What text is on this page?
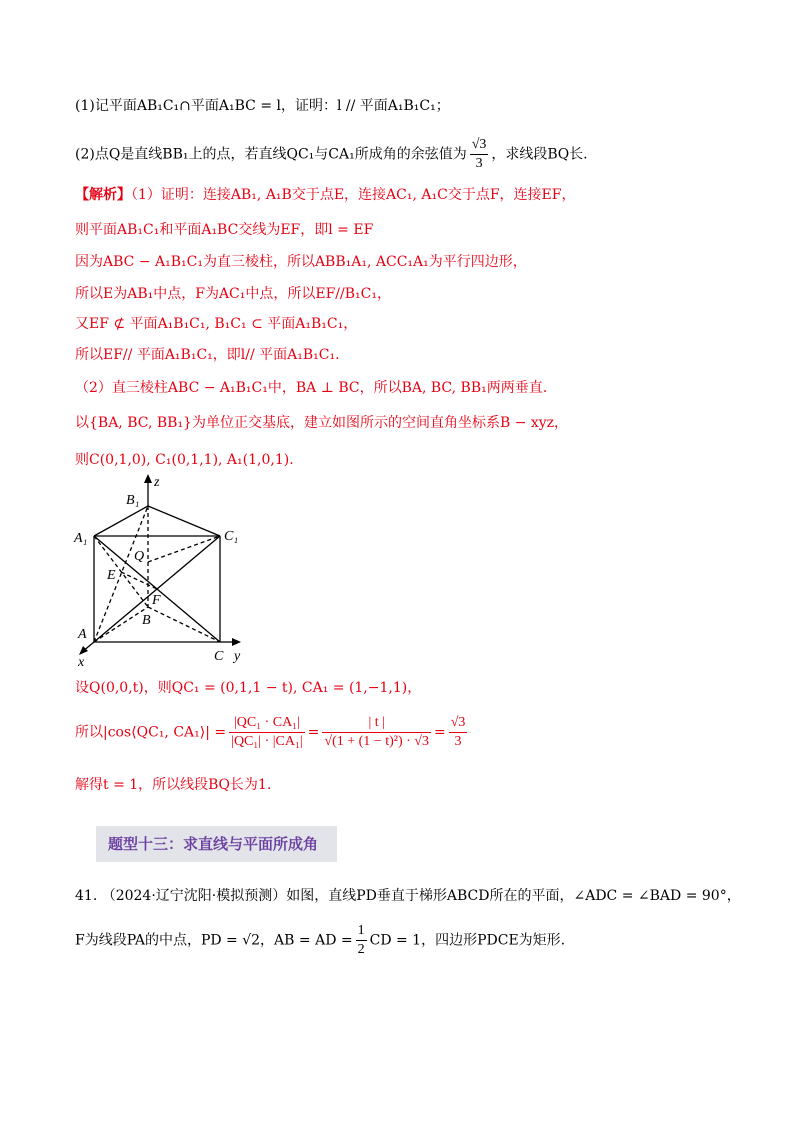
(1)记平面AB₁C₁∩平面A₁BC = l，证明：l // 平面A₁B₁C₁；
(2)点Q是直线BB₁上的点，若直线QC₁与CA₁所成角的余弦值为 $\frac{√3}{3}$ ，求线段BQ长.
【解析】（1）证明：连接AB₁, A₁B交于点E，连接AC₁, A₁C交于点F，连接EF，
则平面AB₁C₁和平面A₁BC交线为EF，即l = EF
因为ABC − A₁B₁C₁为直三棱柱，所以ABB₁A₁, ACC₁A₁为平行四边形，
所以E为AB₁中点，F为AC₁中点，所以EF//B₁C₁，
又EF ⊄ 平面A₁B₁C₁, B₁C₁ ⊂ 平面A₁B₁C₁，
所以EF// 平面A₁B₁C₁，即l// 平面A₁B₁C₁.
（2）直三棱柱ABC − A₁B₁C₁中，BA ⊥ BC，所以BA, BC, BB₁两两垂直.
以{BA, BC, BB₁}为单位正交基底，建立如图所示的空间直角坐标系B − xyz，
则C(0,1,0), C₁(0,1,1), A₁(1,0,1).
z
B₁
A₁	C₁
Q
E
F
B
A
C
x	y
设Q(0,0,t)，则QC₁ = (0,1,1 − t), CA₁ = (1,−1,1)，
所以|cos⟨QC₁, CA₁⟩| = $\frac{\text{|QC₁ · CA₁|}}{\text{|QC₁| · |CA₁|}} = \frac{| t |}{\text{√(1 + (1 − t)²) · √3}} = \frac{√3}{3}$
解得t = 1，所以线段BQ长为1.
题型十三：求直线与平面所成角
41. （2024·辽宁沈阳·模拟预测）如图，直线PD垂直于梯形ABCD所在的平面，∠ADC = ∠BAD = 90°，
F为线段PA的中点，PD = √2，AB = AD = $\frac{1}{2}$ CD = 1，四边形PDCE为矩形.
